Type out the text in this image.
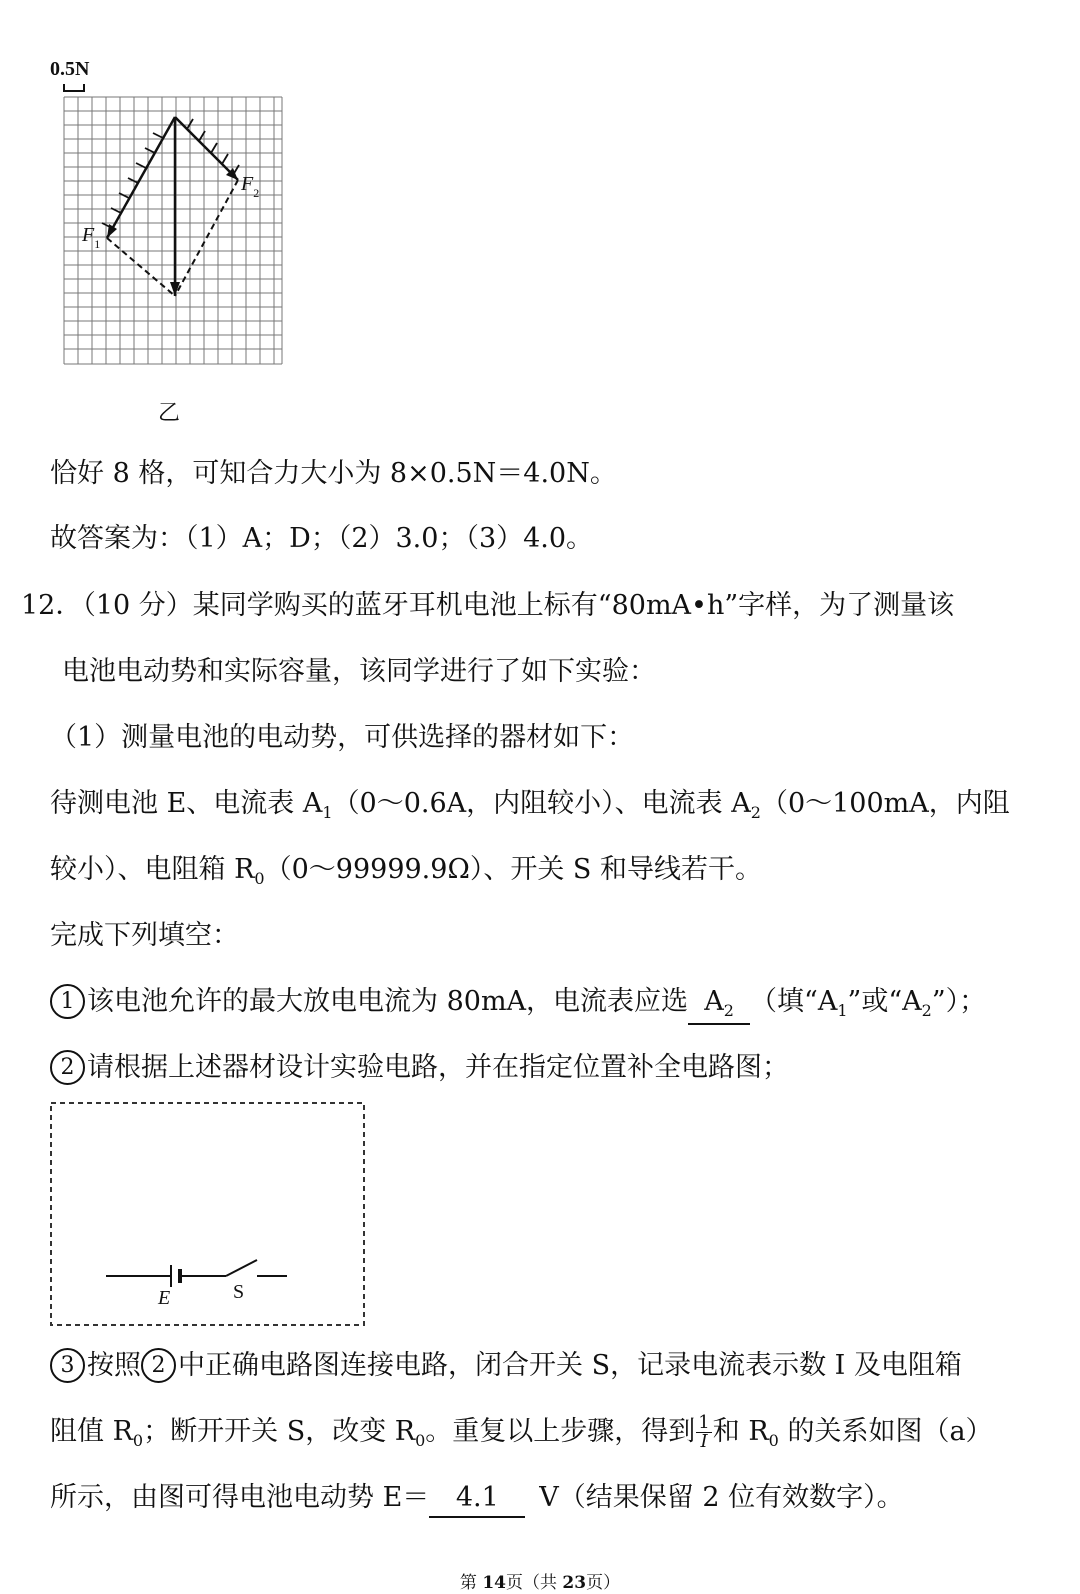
0.5N
$F_1$
$F_2$
乙
恰好 8 格，可知合力大小为 8×0.5N＝4.0N。
故答案为：（1）A；D；（2）3.0；（3）4.0。
12．（10 分）某同学购买的蓝牙耳机电池上标有“80mA•h”字样，为了测量该
电池电动势和实际容量，该同学进行了如下实验：
（1）测量电池的电动势，可供选择的器材如下：
待测电池 E、电流表 $A_1(0\sim 0.6A$，内阻较小）、电流表 $A_2(0\sim 100mA$，内阻
较小）、电阻箱 $R_0(0\sim 99999.9\Omega)$、开关 S 和导线若干。
完成下列填空：
1 该电池允许的最大放电电流为 80mA，电流表应选 $A_2$ （填“$A_1$”或“$A_2$”）；
2 请根据上述器材设计实验电路，并在指定位置补全电路图；
E	S
3 按照 2 中正确电路图连接电路，闭合开关 S，记录电流表示数 I 及电阻箱
阻值 $R_0$；断开开关 S，改变 $R_0$。重复以上步骤，得到 $\frac{1}{I}$ 和 $R_0$ 的关系如图（a）
所示，由图可得电池电动势 E＝ 4.1 V（结果保留 2 位有效数字）。
第 14页（共 23页）
